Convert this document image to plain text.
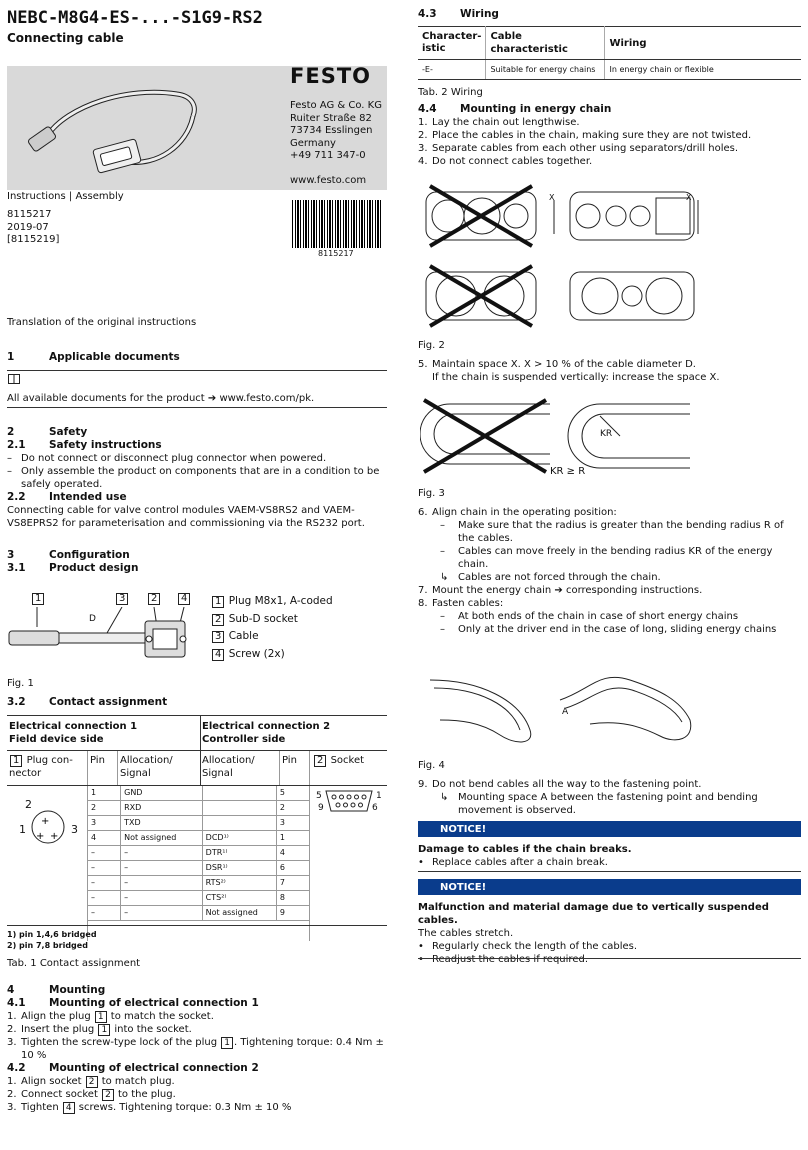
NEBC-M8G4-ES-...-S1G9-RS2
Connecting cable
FESTO
Festo AG & Co. KG
Ruiter Straße 82
73734 Esslingen
Germany
+49 711 347-0
www.festo.com
Instructions | Assembly
8115217
2019-07
[8115219]
8115217
Translation of the original instructions
1	Applicable documents
All available documents for the product ➔ www.festo.com/pk.
2	Safety
2.1 Safety instructions
– Do not connect or disconnect plug connector when powered.
– Only assemble the product on components that are in a condition to be safely operated.
2.2 Intended use
Connecting cable for valve control modules VAEM-VS8RS2 and VAEM-VS8EPRS2 for parameterisation and commissioning via the RS232 port.
3	Configuration
3.1 Product design
1	3	2	4
D
1 Plug M8x1, A-coded
2 Sub-D socket
3 Cable
4 Screw (2x)
Fig. 1
3.2 Contact assignment
Electrical connection 1
Field device side
Electrical connection 2
Controller side
1 Plug con-nector
Pin Allocation/ Signal
Allocation/ Signal
Pin	2 Socket
+
+ +
2
1	3
5	1
9	6
1	GND		5
2	RXD		2
3	TXD		3
4	Not assigned	DCD¹⁾	1
–	–	DTR¹⁾	4
–	–	DSR¹⁾	6
–	–	RTS²⁾	7
–	–	CTS²⁾	8
–	–	Not assigned	9
1) pin 1,4,6 bridged
2) pin 7,8 bridged
Tab. 1 Contact assignment
4	Mounting
4.1 Mounting of electrical connection 1
1. Align the plug 1 to match the socket.
2. Insert the plug 1 into the socket.
3. Tighten the screw-type lock of the plug 1 . Tightening torque: 0.4 Nm ± 10 %
4.2 Mounting of electrical connection 2
1. Align socket 2 to match plug.
2. Connect socket 2 to the plug.
3. Tighten 4 screws. Tightening torque: 0.3 Nm ± 10 %
4.3 Wiring
Character-istic	Cable characteristic	Wiring
-E-	Suitable for energy chains	In energy chain or flexible
Tab. 2 Wiring
4.4 Mounting in energy chain
1. Lay the chain out lengthwise.
2. Place the cables in the chain, making sure they are not twisted.
3. Separate cables from each other using separators/drill holes.
4. Do not connect cables together.
X	X
Fig. 2
5. Maintain space X. X > 10 % of the cable diameter D.
If the chain is suspended vertically: increase the space X.
KR
KR ≥ R
Fig. 3
6. Align chain in the operating position:
– Make sure that the radius is greater than the bending radius R of the cables.
– Cables can move freely in the bending radius KR of the energy chain.
↳ Cables are not forced through the chain.
7. Mount the energy chain ➔ corresponding instructions.
8. Fasten cables:
– At both ends of the chain in case of short energy chains
– Only at the driver end in the case of long, sliding energy chains
A
Fig. 4
9. Do not bend cables all the way to the fastening point.
↳ Mounting space A between the fastening point and bending movement is observed.
NOTICE!
Damage to cables if the chain breaks.
• Replace cables after a chain break.
NOTICE!
Malfunction and material damage due to vertically suspended cables.
The cables stretch.
• Regularly check the length of the cables.
• Readjust the cables if required.
